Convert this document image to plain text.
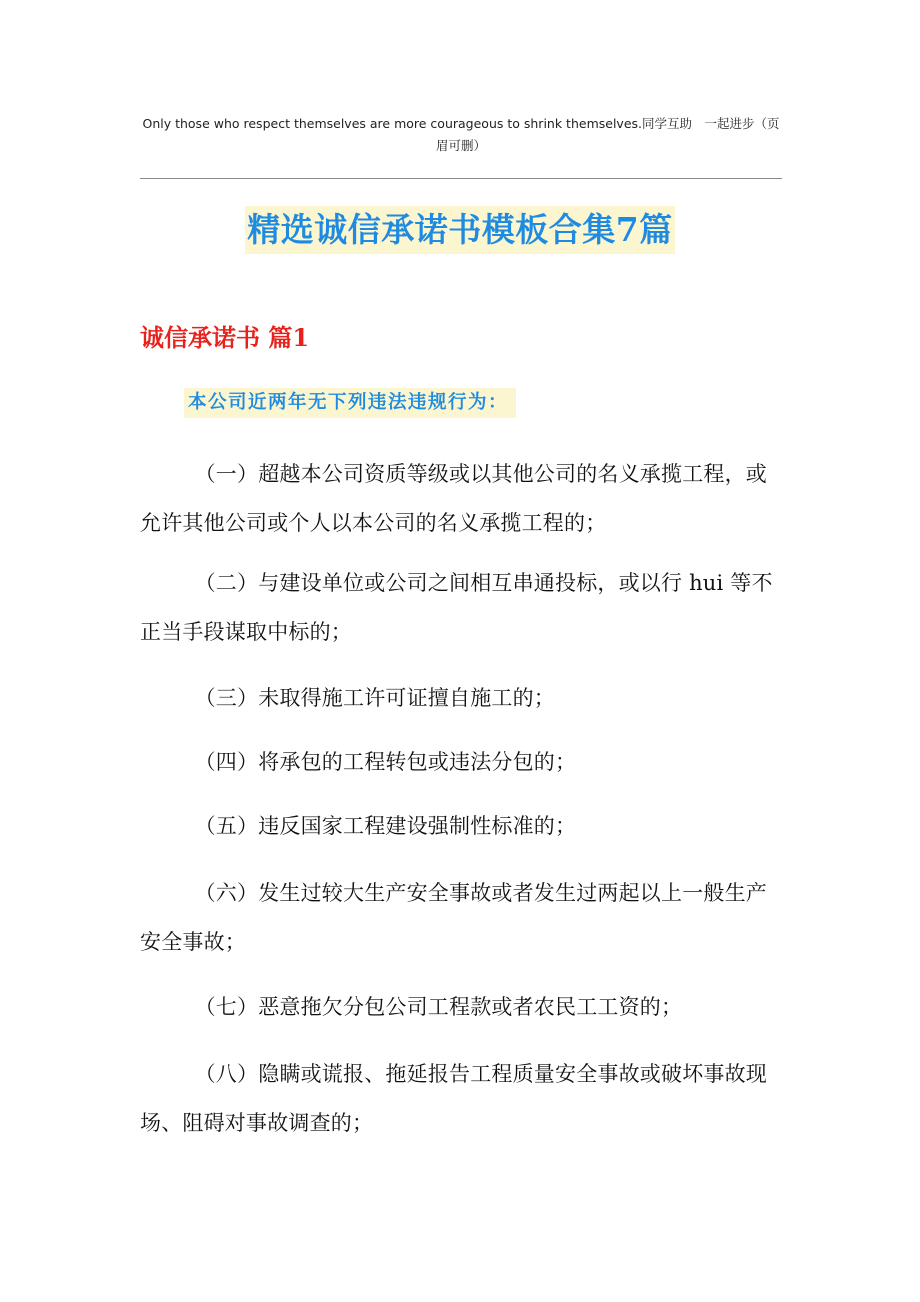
Only those who respect themselves are more courageous to shrink themselves.同学互助　一起进步（页眉可删）
精选诚信承诺书模板合集7篇
诚信承诺书 篇1
本公司近两年无下列违法违规行为：
（一）超越本公司资质等级或以其他公司的名义承揽工程，或允许其他公司或个人以本公司的名义承揽工程的；
（二）与建设单位或公司之间相互串通投标，或以行 hui 等不正当手段谋取中标的；
（三）未取得施工许可证擅自施工的；
（四）将承包的工程转包或违法分包的；
（五）违反国家工程建设强制性标准的；
（六）发生过较大生产安全事故或者发生过两起以上一般生产安全事故；
（七）恶意拖欠分包公司工程款或者农民工工资的；
（八）隐瞒或谎报、拖延报告工程质量安全事故或破坏事故现场、阻碍对事故调查的；
